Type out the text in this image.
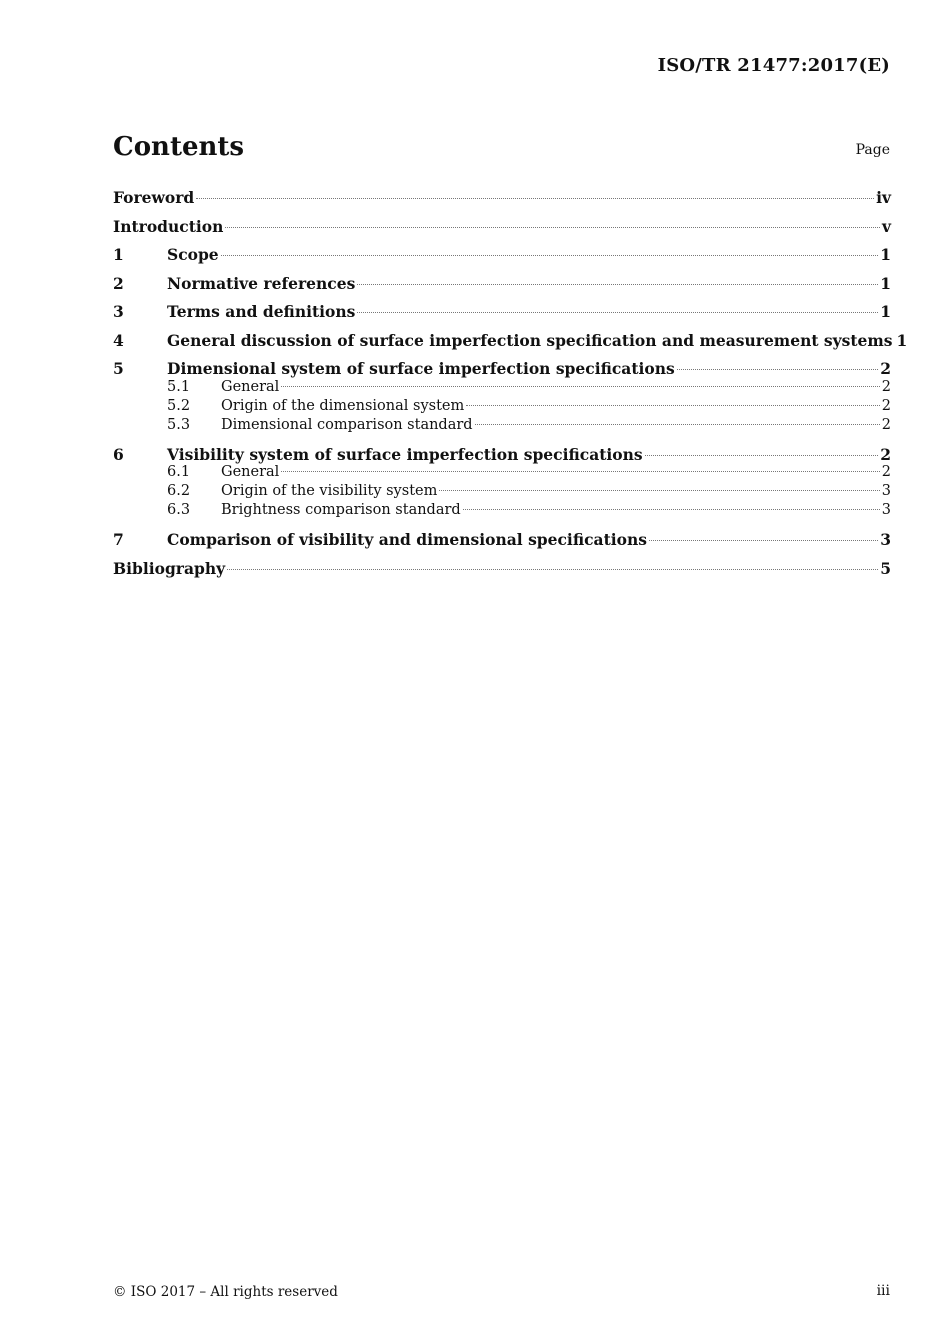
ISO/TR 21477:2017(E)
Contents	Page
Foreword	iv
Introduction	v
1	Scope	1
2	Normative references	1
3	Terms and definitions	1
4	General discussion of surface imperfection specification and measurement systems 1
5	Dimensional system of surface imperfection specifications	2
5.1	General	2
5.2	Origin of the dimensional system	2
5.3	Dimensional comparison standard	2
6	Visibility system of surface imperfection specifications	2
6.1	General	2
6.2	Origin of the visibility system	3
6.3	Brightness comparison standard	3
7	Comparison of visibility and dimensional specifications	3
Bibliography	5
© ISO 2017 – All rights reserved	iii
